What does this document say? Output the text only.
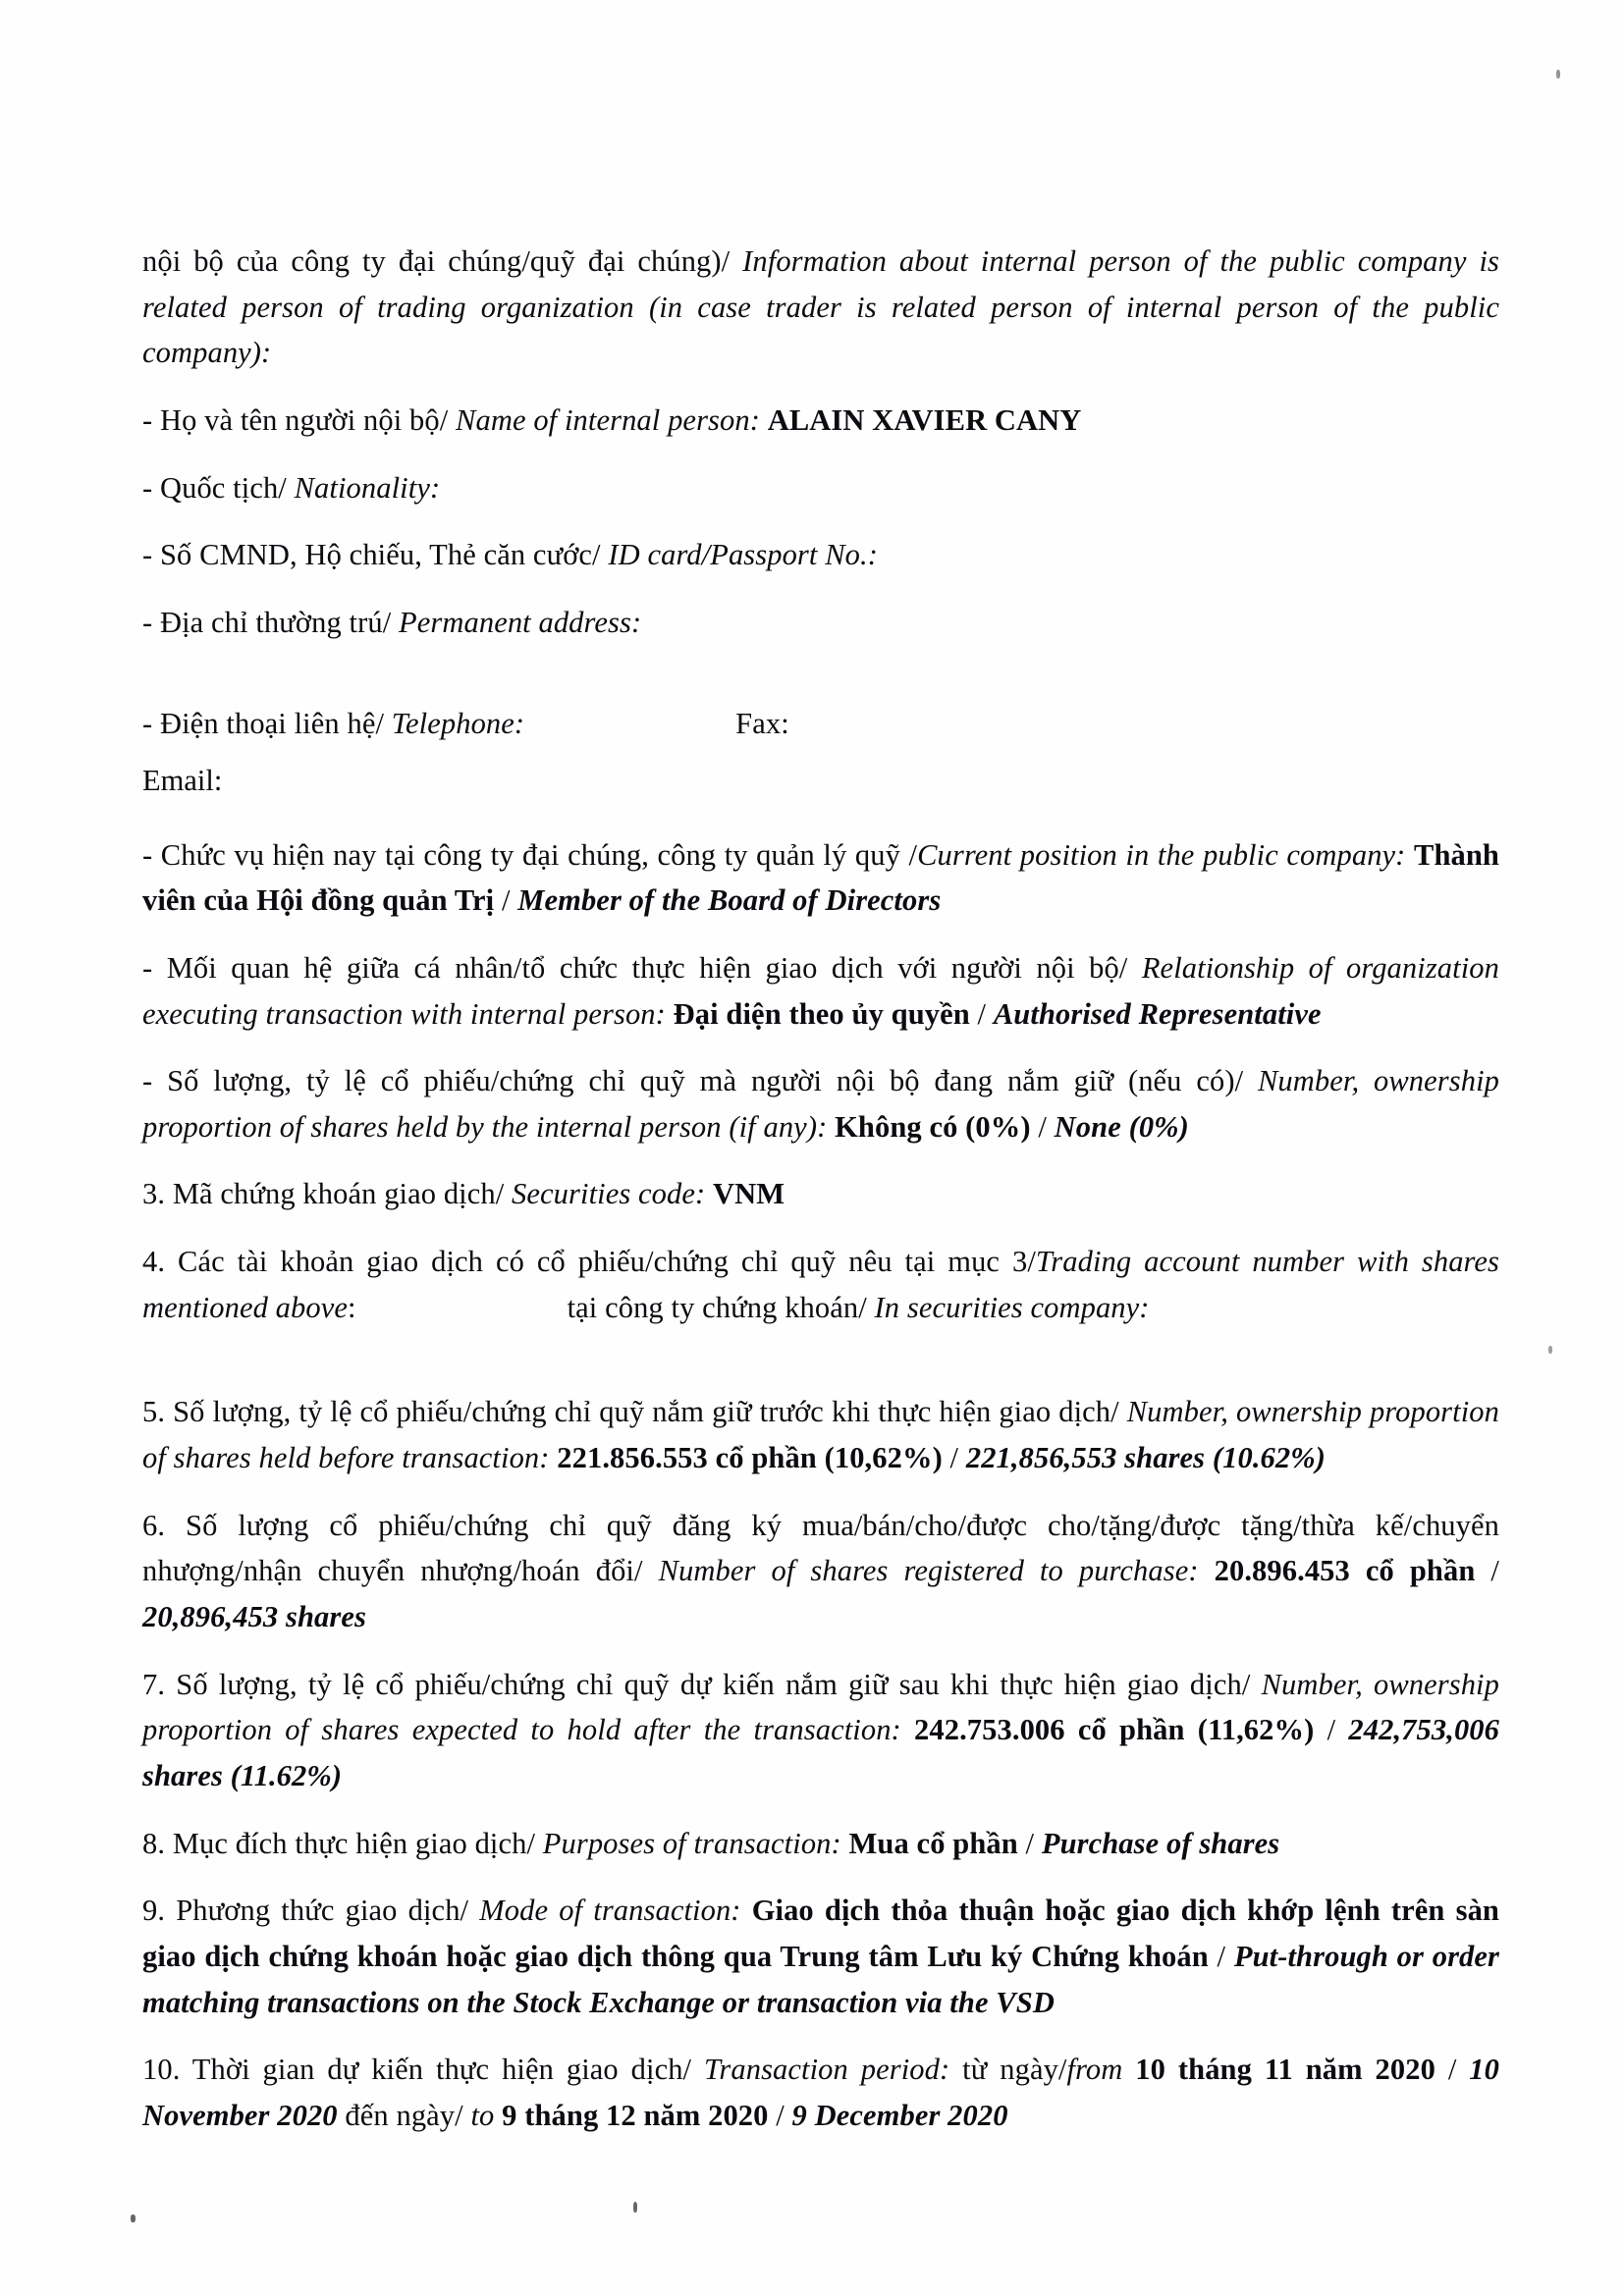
nội bộ của công ty đại chúng/quỹ đại chúng)/ Information about internal person of the public company is related person of trading organization (in case trader is related person of internal person of the public company):

- Họ và tên người nội bộ/ Name of internal person: ALAIN XAVIER CANY

- Quốc tịch/ Nationality:

- Số CMND, Hộ chiếu, Thẻ căn cước/ ID card/Passport No.:

- Địa chỉ thường trú/ Permanent address:

- Điện thoại liên hệ/ Telephone:	Fax:

Email:

- Chức vụ hiện nay tại công ty đại chúng, công ty quản lý quỹ /Current position in the public company: Thành viên của Hội đồng quản Trị / Member of the Board of Directors

- Mối quan hệ giữa cá nhân/tổ chức thực hiện giao dịch với người nội bộ/ Relationship of organization executing transaction with internal person: Đại diện theo ủy quyền / Authorised Representative

- Số lượng, tỷ lệ cổ phiếu/chứng chỉ quỹ mà người nội bộ đang nắm giữ (nếu có)/ Number, ownership proportion of shares held by the internal person (if any): Không có (0%) / None (0%)

3. Mã chứng khoán giao dịch/ Securities code: VNM

4. Các tài khoản giao dịch có cổ phiếu/chứng chỉ quỹ nêu tại mục 3/Trading account number with shares mentioned above:	tại công ty chứng khoán/ In securities company:

5. Số lượng, tỷ lệ cổ phiếu/chứng chỉ quỹ nắm giữ trước khi thực hiện giao dịch/ Number, ownership proportion of shares held before transaction: 221.856.553 cổ phần (10,62%) / 221,856,553 shares (10.62%)

6. Số lượng cổ phiếu/chứng chỉ quỹ đăng ký mua/bán/cho/được cho/tặng/được tặng/thừa kế/chuyển nhượng/nhận chuyển nhượng/hoán đổi/ Number of shares registered to purchase: 20.896.453 cổ phần / 20,896,453 shares

7. Số lượng, tỷ lệ cổ phiếu/chứng chỉ quỹ dự kiến nắm giữ sau khi thực hiện giao dịch/ Number, ownership proportion of shares expected to hold after the transaction: 242.753.006 cổ phần (11,62%) / 242,753,006 shares (11.62%)

8. Mục đích thực hiện giao dịch/ Purposes of transaction: Mua cổ phần / Purchase of shares

9. Phương thức giao dịch/ Mode of transaction: Giao dịch thỏa thuận hoặc giao dịch khớp lệnh trên sàn giao dịch chứng khoán hoặc giao dịch thông qua Trung tâm Lưu ký Chứng khoán / Put-through or order matching transactions on the Stock Exchange or transaction via the VSD

10. Thời gian dự kiến thực hiện giao dịch/ Transaction period: từ ngày/from 10 tháng 11 năm 2020 / 10 November 2020 đến ngày/ to 9 tháng 12 năm 2020 / 9 December 2020
